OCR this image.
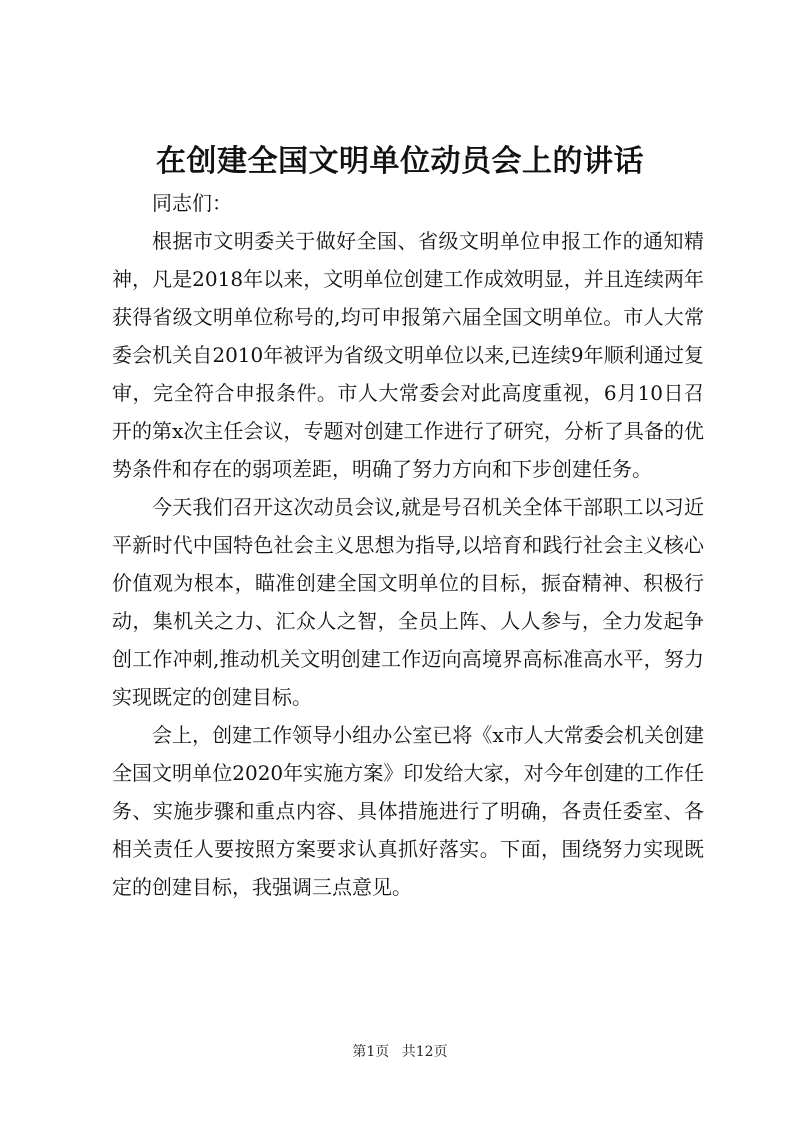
在创建全国文明单位动员会上的讲话

同志们：

根据市文明委关于做好全国、省级文明单位申报工作的通知精神，凡是2018年以来，文明单位创建工作成效明显，并且连续两年获得省级文明单位称号的,均可申报第六届全国文明单位。市人大常委会机关自2010年被评为省级文明单位以来,已连续9年顺利通过复审，完全符合申报条件。市人大常委会对此高度重视，6月10日召开的第x次主任会议，专题对创建工作进行了研究，分析了具备的优势条件和存在的弱项差距，明确了努力方向和下步创建任务。

今天我们召开这次动员会议,就是号召机关全体干部职工以习近平新时代中国特色社会主义思想为指导,以培育和践行社会主义核心价值观为根本，瞄准创建全国文明单位的目标，振奋精神、积极行动，集机关之力、汇众人之智，全员上阵、人人参与，全力发起争创工作冲刺,推动机关文明创建工作迈向高境界高标准高水平，努力实现既定的创建目标。

会上，创建工作领导小组办公室已将《x市人大常委会机关创建全国文明单位2020年实施方案》印发给大家，对今年创建的工作任务、实施步骤和重点内容、具体措施进行了明确，各责任委室、各相关责任人要按照方案要求认真抓好落实。下面，围绕努力实现既定的创建目标，我强调三点意见。

第1页 共12页
